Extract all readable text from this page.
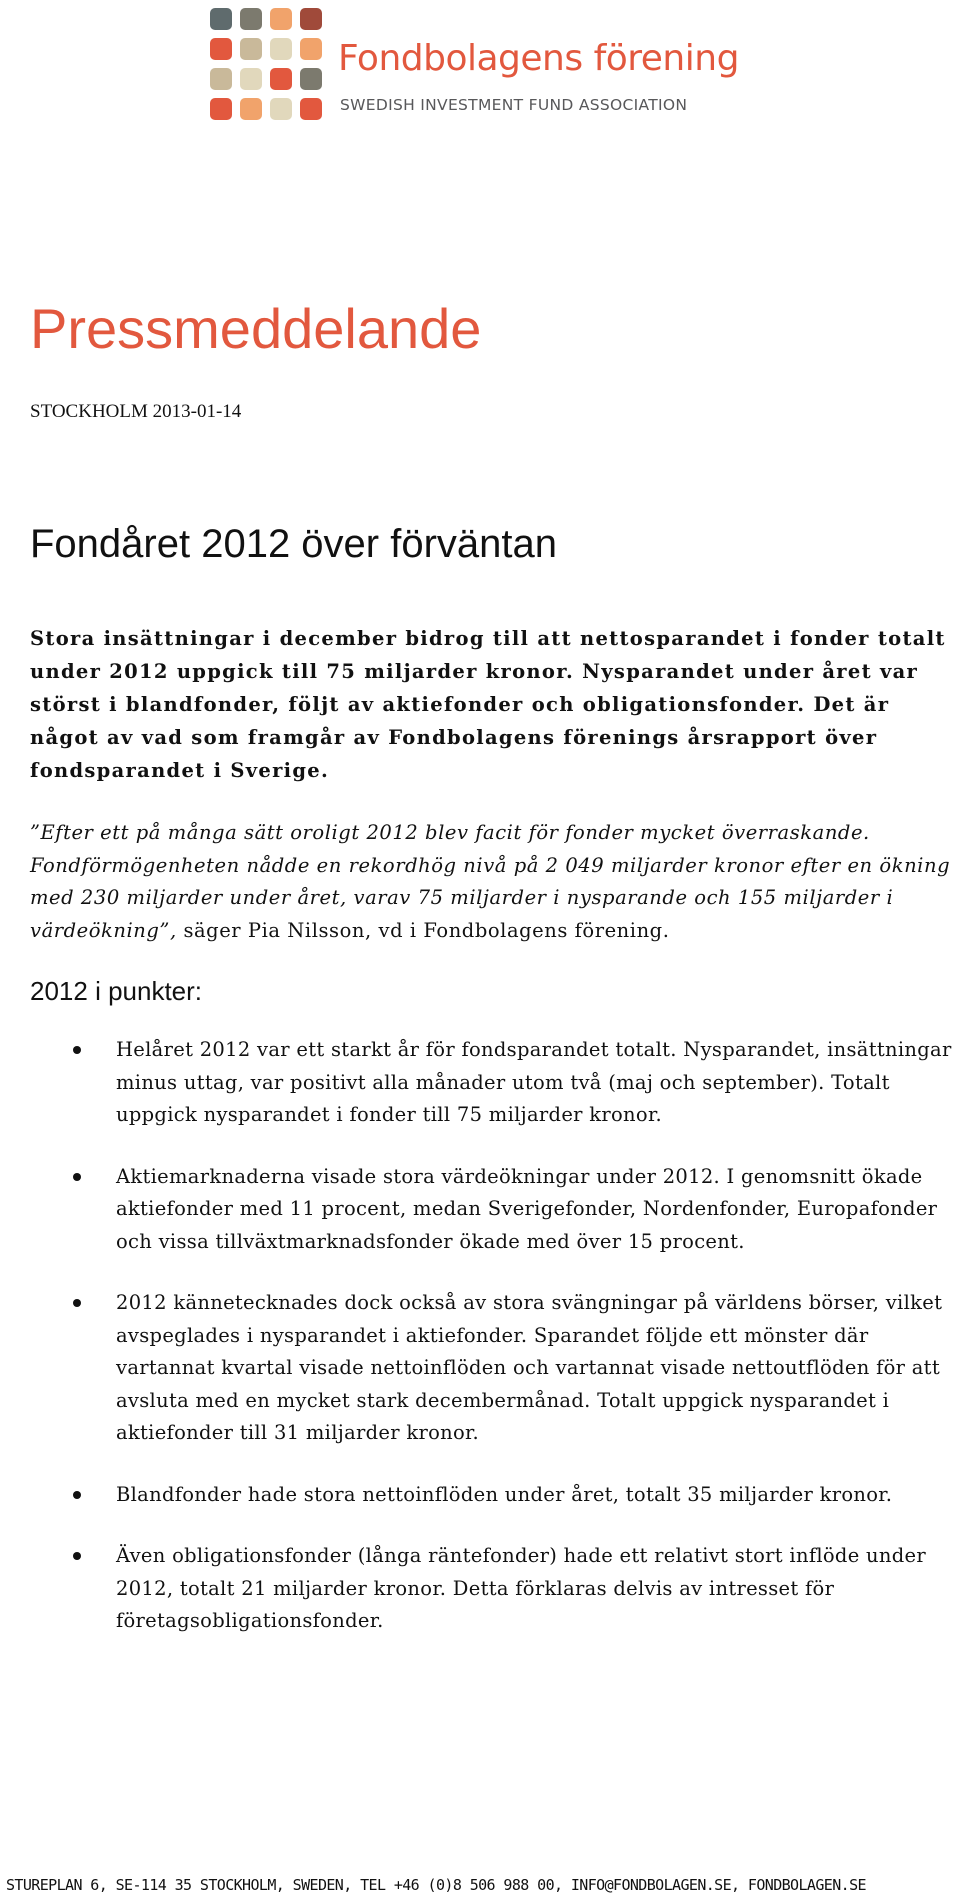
Fondbolagens förening
SWEDISH INVESTMENT FUND ASSOCIATION
Pressmeddelande
STOCKHOLM 2013-01-14
Fondåret 2012 över förväntan

Stora insättningar i december bidrog till att nettosparandet i fonder totalt under 2012 uppgick till 75 miljarder kronor. Nysparandet under året var störst i blandfonder, följt av aktiefonder och obligationsfonder. Det är något av vad som framgår av Fondbolagens förenings årsrapport över fondsparandet i Sverige.

”Efter ett på många sätt oroligt 2012 blev facit för fonder mycket överraskande. Fondförmögenheten nådde en rekordhög nivå på 2 049 miljarder kronor efter en ökning med 230 miljarder under året, varav 75 miljarder i nysparande och 155 miljarder i värdeökning”, säger Pia Nilsson, vd i Fondbolagens förening.

2012 i punkter:
Helåret 2012 var ett starkt år för fondsparandet totalt. Nysparandet, insättningar minus uttag, var positivt alla månader utom två (maj och september). Totalt uppgick nysparandet i fonder till 75 miljarder kronor.
Aktiemarknaderna visade stora värdeökningar under 2012. I genomsnitt ökade aktiefonder med 11 procent, medan Sverigefonder, Nordenfonder, Europafonder och vissa tillväxtmarknadsfonder ökade med över 15 procent.
2012 kännetecknades dock också av stora svängningar på världens börser, vilket avspeglades i nysparandet i aktiefonder. Sparandet följde ett mönster där vartannat kvartal visade nettoinflöden och vartannat visade nettoutflöden för att avsluta med en mycket stark decembermånad. Totalt uppgick nysparandet i aktiefonder till 31 miljarder kronor.
Blandfonder hade stora nettoinflöden under året, totalt 35 miljarder kronor.
Även obligationsfonder (långa räntefonder) hade ett relativt stort inflöde under 2012, totalt 21 miljarder kronor. Detta förklaras delvis av intresset för företagsobligationsfonder.
STUREPLAN 6, SE-114 35 STOCKHOLM, SWEDEN, TEL +46 (0)8 506 988 00, INFO@FONDBOLAGEN.SE, FONDBOLAGEN.SE
